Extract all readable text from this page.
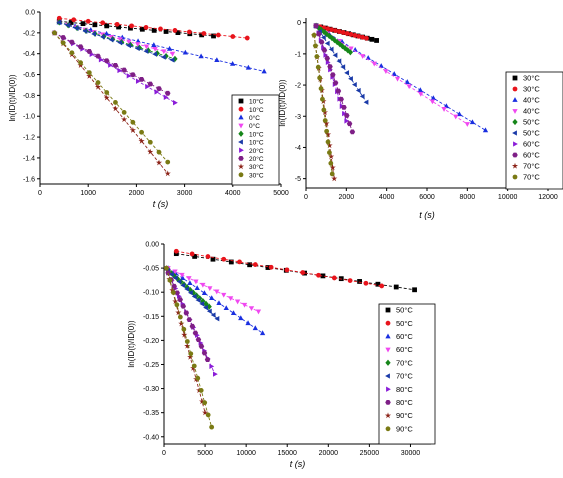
0	1000	2000	3000	4000	5000
0.0
-0.2
-0.4
-0.6
-0.8
-1.0
-1.2
-1.4
-1.6
t (s)
ln(ID(t)/ID(0))	10°C
10°C
0°C
0°C
10°C
10°C
20°C
20°C
30°C
30°C
0	2000	4000	6000	8000	10000	12000
0
-1
-2
-3
-4
-5
t (s)
ln(ID(t)/ID(0))
30°C
30°C
40°C
40°C
50°C
50°C
60°C
60°C
70°C
70°C
0	5000	10000	15000	20000	25000	30000
0.00
-0.05
-0.10
-0.15
-0.20
-0.25
-0.30
-0.35
-0.40
t (s)
ln(ID(t)/ID(0))
50°C
50°C
60°C
60°C
70°C
70°C
80°C
80°C
90°C
90°C
